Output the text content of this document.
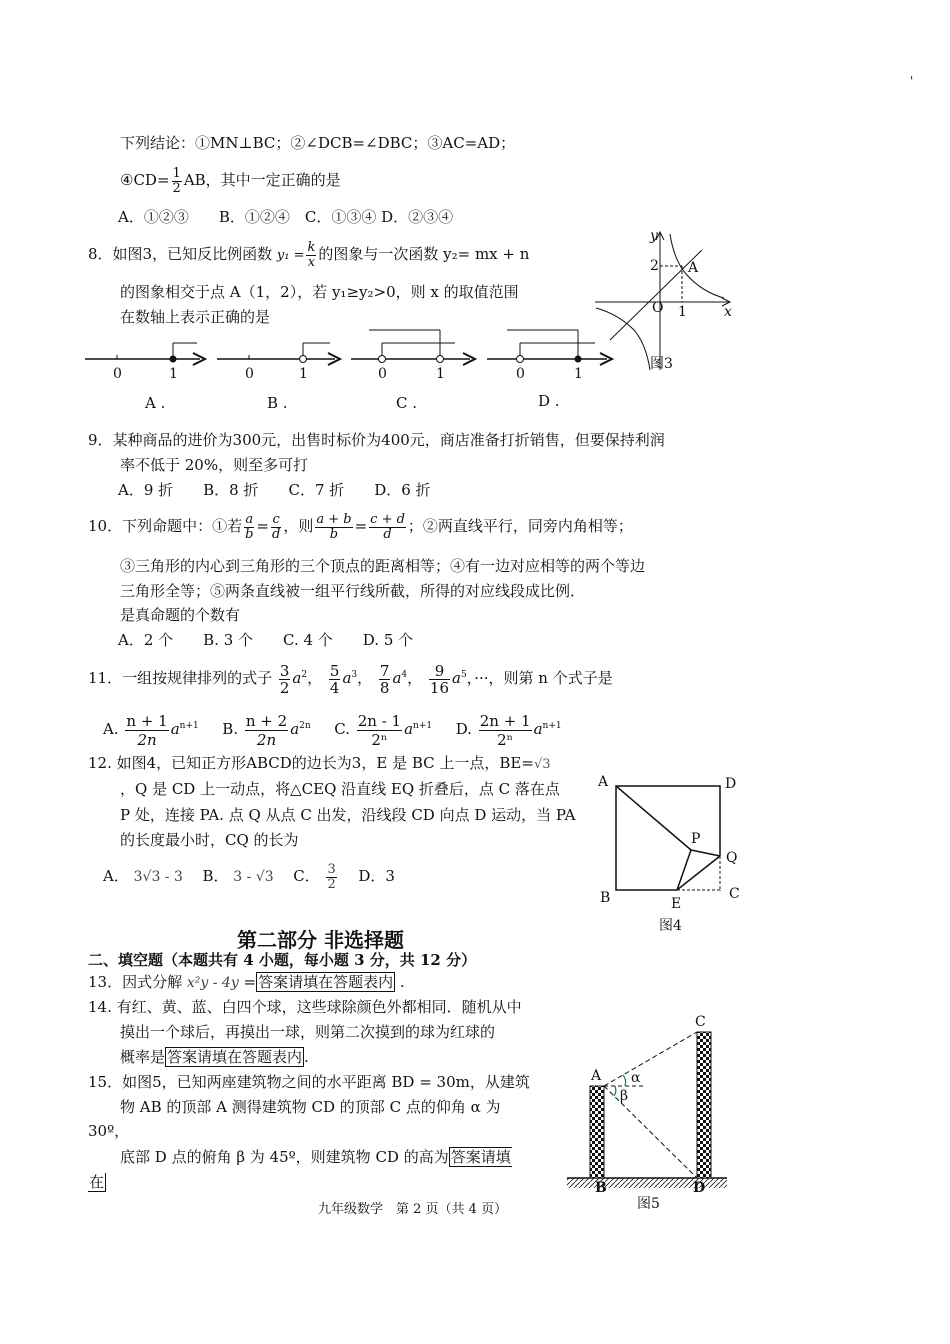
'
下列结论：①MN⊥BC；②∠DCB=∠DBC；③AC=AD；
④CD= $\frac{1}{2}$ AB，其中一定正确的是
A．①②③　　B．①②④　C．①③④ D．②③④
8．如图3，已知反比例函数 $y_1 = \frac{k}{x}$ 的图象与一次函数 y₂= mx + n
的图象相交于点 A（1，2），若 y₁≥y₂>0，则 x 的取值范围
在数轴上表示正确的是
0	1	0	1	0	1	0	1
A .	B .	C .	D .
y
x
O
2
1
A
图3
9．某种商品的进价为300元，出售时标价为400元，商店准备打折销售，但要保持利润
率不低于 20%，则至多可打
A．9 折　　B．8 折　　C．7 折　　D．6 折
10．下列命题中：①若 $\frac{a}{b} = \frac{c}{d}$ ，则 $\frac{a + b}{b} = \frac{c + d}{d}$ ；②两直线平行，同旁内角相等；
③三角形的内心到三角形的三个顶点的距离相等；④有一边对应相等的两个等边
三角形全等；⑤两条直线被一组平行线所截，所得的对应线段成比例．
是真命题的个数有
A．2 个　　B. 3 个　　C. 4 个　　D. 5 个
11．一组按规律排列的式子 $\frac{3}{2} a^2$， $\frac{5}{4} a^3$， $\frac{7}{8} a^4$， $\frac{9}{16} a^5$，···，则第 n 个式子是
A. $\frac{n + 1}{2n} a^{n+1}$ B. $\frac{n + 2}{2n} a^{2n}$ C. $\frac{2n - 1}{\text{2ⁿ}} a^{n+1}$ D. $\frac{2n + 1}{\text{2ⁿ}} a^{n+1}$
12. 如图4，已知正方形ABCD的边长为3，E 是 BC 上一点，BE=√3
，Q 是 CD 上一动点，将△CEQ 沿直线 EQ 折叠后，点 C 落在点
P 处，连接 PA. 点 Q 从点 C 出发，沿线段 CD 向点 D 运动，当 PA
的长度最小时，CQ 的长为
A． 3√3 - 3 B． 3 - √3 C． $\frac{3}{2}$ D．3
A	D
B	C
E
P
Q
图4
第二部分 非选择题
二、填空题（本题共有 4 小题，每小题 3 分，共 12 分）
13．因式分解 x²y - 4y = 答案请填在答题表内 .
14. 有红、黄、蓝、白四个球，这些球除颜色外都相同．随机从中
摸出一个球后，再摸出一球，则第二次摸到的球为红球的
概率是 答案请填在答题表内 .
15．如图5，已知两座建筑物之间的水平距离 BD = 30m，从建筑
物 AB 的顶部 A 测得建筑物 CD 的顶部 C 点的仰角 α 为
30º，
底部 D 点的俯角 β 为 45º，则建筑物 CD 的高为 答案请填
在
A
C
B	D
α
β
图5
九年级数学　第 2 页（共 4 页）
